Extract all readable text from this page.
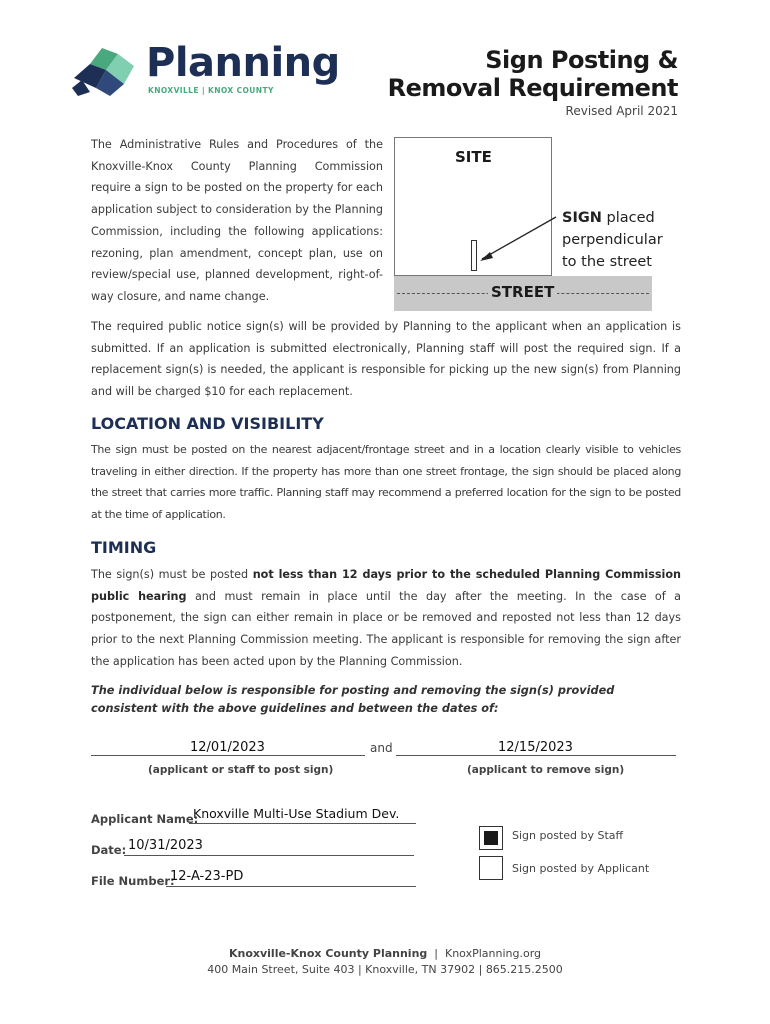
Planning
KNOXVILLE | KNOX COUNTY
Sign Posting &
Removal Requirement
Revised April 2021
The Administrative Rules and Procedures of the Knoxville-Knox County Planning Commission require a sign to be posted on the property for each application subject to consideration by the Planning Commission, including the following applications: rezoning, plan amendment, concept plan, use on review/special use, planned development, right-of-way closure, and name change.
SITE
STREET
SIGN placed
perpendicular
to the street
The required public notice sign(s) will be provided by Planning to the applicant when an application is submitted. If an application is submitted electronically, Planning staff will post the required sign. If a replacement sign(s) is needed, the applicant is responsible for picking up the new sign(s) from Planning and will be charged $10 for each replacement.
LOCATION AND VISIBILITY
The sign must be posted on the nearest adjacent/frontage street and in a location clearly visible to vehicles traveling in either direction. If the property has more than one street frontage, the sign should be placed along the street that carries more traffic. Planning staff may recommend a preferred location for the sign to be posted at the time of application.
TIMING
The sign(s) must be posted not less than 12 days prior to the scheduled Planning Commission public hearing and must remain in place until the day after the meeting. In the case of a postponement, the sign can either remain in place or be removed and reposted not less than 12 days prior to the next Planning Commission meeting. The applicant is responsible for removing the sign after the application has been acted upon by the Planning Commission.
The individual below is responsible for posting and removing the sign(s) provided consistent with the above guidelines and between the dates of:
12/01/2023	and	12/15/2023
(applicant or staff to post sign)	(applicant to remove sign)
Applicant Name:
Knoxville Multi-Use Stadium Dev.
Date: 10/31/2023
File Number:
12-A-23-PD
Sign posted by Staff
Sign posted by Applicant
Knoxville-Knox County Planning | KnoxPlanning.org
400 Main Street, Suite 403 | Knoxville, TN 37902 | 865.215.2500
